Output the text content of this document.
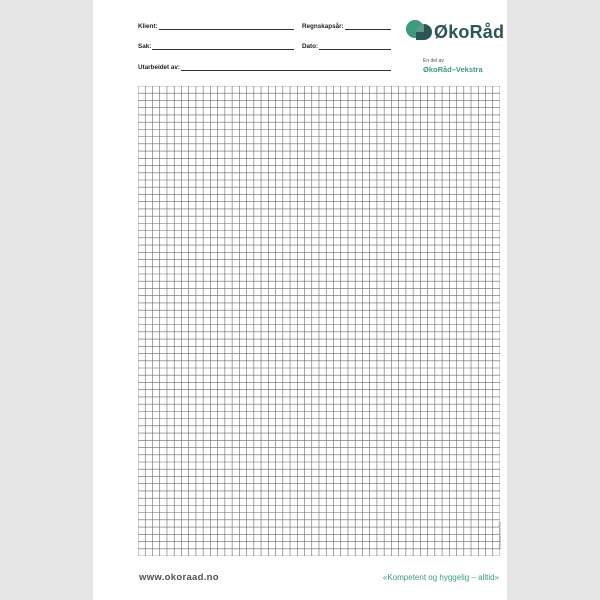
Klient:	Regnskapsår:
Sak:	Dato:
Utarbeidet av:
ØkoRåd
En del av
ØkoRåd–Vekstra
Vekstramma AS
www.okoraad.no	«Kompetent og hyggelig – alltid»
